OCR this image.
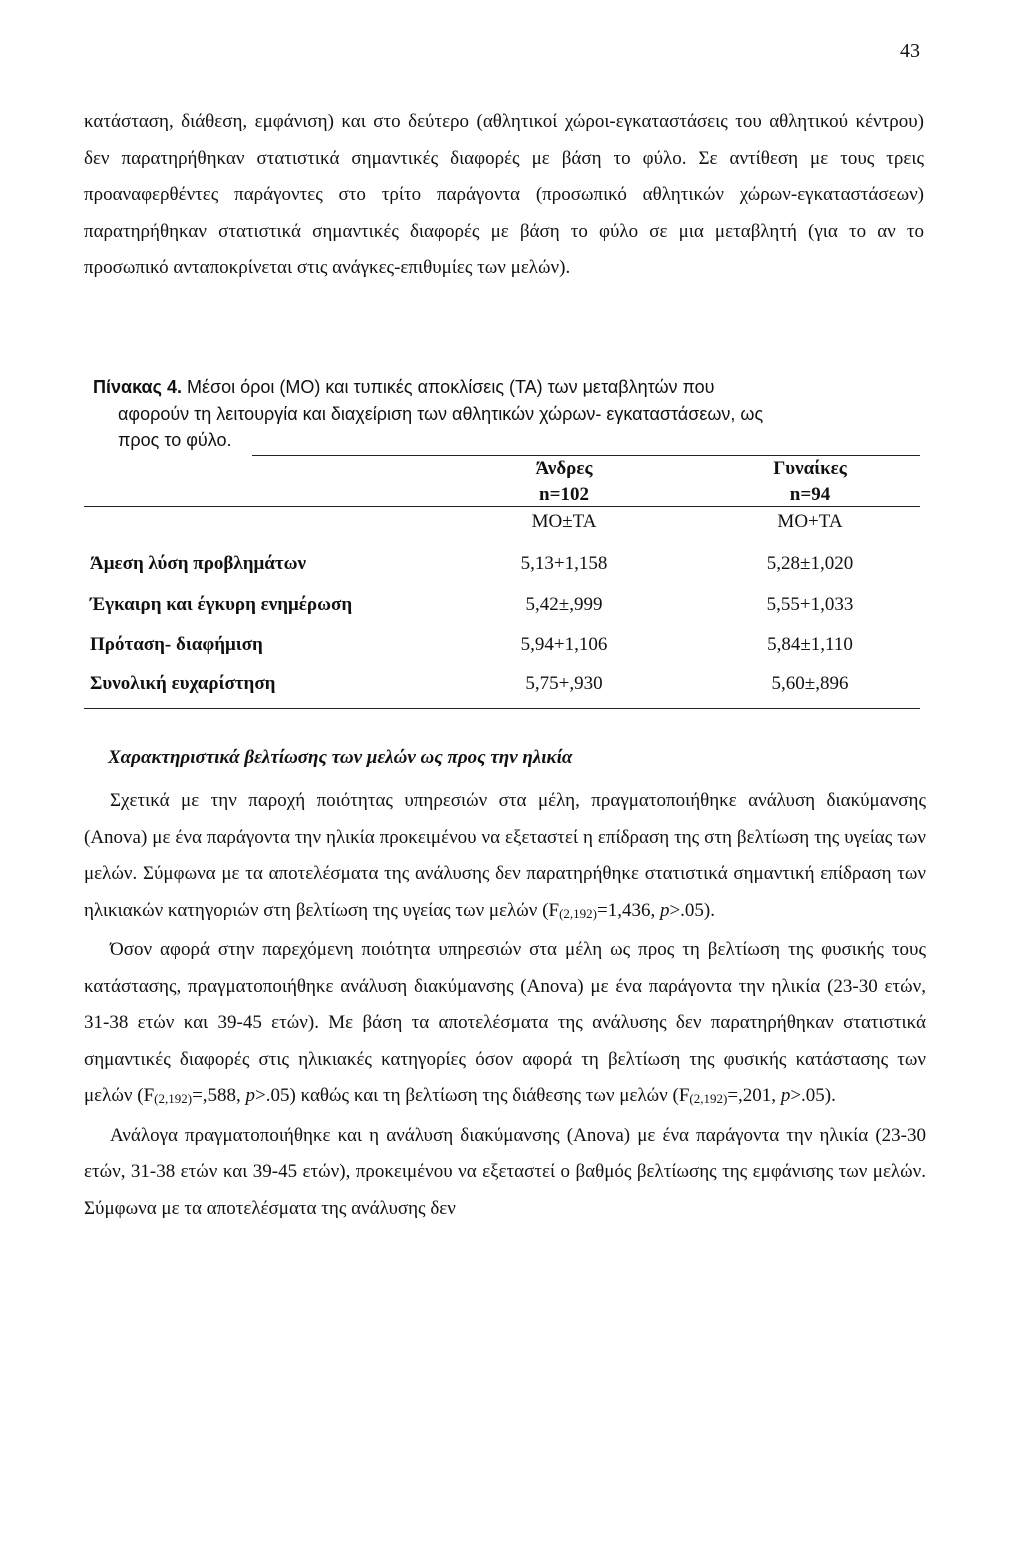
43

κατάσταση, διάθεση, εμφάνιση) και στο δεύτερο (αθλητικοί χώροι-εγκαταστάσεις του αθλητικού κέντρου) δεν παρατηρήθηκαν στατιστικά σημαντικές διαφορές με βάση το φύλο. Σε αντίθεση με τους τρεις προαναφερθέντες παράγοντες στο τρίτο παράγοντα (προσωπικό αθλητικών χώρων-εγκαταστάσεων) παρατηρήθηκαν στατιστικά σημαντικές διαφορές με βάση το φύλο σε μια μεταβλητή (για το αν το προσωπικό ανταποκρίνεται στις ανάγκες-επιθυμίες των μελών).

Πίνακας 4. Μέσοι όροι (ΜΟ) και τυπικές αποκλίσεις (ΤΑ) των μεταβλητών που
αφορούν τη λειτουργία και διαχείριση των αθλητικών χώρων- εγκαταστάσεων, ως
προς το φύλο.
Άνδρες	Γυναίκες
n=102	n=94
ΜΟ±ΤΑ	ΜΟ+ΤΑ
Άμεση λύση προβλημάτων	5,13+1,158	5,28±1,020
Έγκαιρη και έγκυρη ενημέρωση	5,42±,999	5,55+1,033
Πρόταση- διαφήμιση	5,94+1,106	5,84±1,110
Συνολική ευχαρίστηση	5,75+,930	5,60±,896
Χαρακτηριστικά βελτίωσης των μελών ως προς την ηλικία

Σχετικά με την παροχή ποιότητας υπηρεσιών στα μέλη, πραγματοποιήθηκε ανάλυση διακύμανσης (Anova) με ένα παράγοντα την ηλικία προκειμένου να εξεταστεί η επίδραση της στη βελτίωση της υγείας των μελών. Σύμφωνα με τα αποτελέσματα της ανάλυσης δεν παρατηρήθηκε στατιστικά σημαντική επίδραση των ηλικιακών κατηγοριών στη βελτίωση της υγείας των μελών ($F_{(2,192)}=1,436$, p>.05).

Όσον αφορά στην παρεχόμενη ποιότητα υπηρεσιών στα μέλη ως προς τη βελτίωση της φυσικής τους κατάστασης, πραγματοποιήθηκε ανάλυση διακύμανσης (Anova) με ένα παράγοντα την ηλικία (23-30 ετών, 31-38 ετών και 39-45 ετών). Με βάση τα αποτελέσματα της ανάλυσης δεν παρατηρήθηκαν στατιστικά σημαντικές διαφορές στις ηλικιακές κατηγορίες όσον αφορά τη βελτίωση της φυσικής κατάστασης των μελών ($F_{(2,192)}=,588$, p>.05) καθώς και τη βελτίωση της διάθεσης των μελών ($F_{(2,192)}=,201$, p>.05).

Ανάλογα πραγματοποιήθηκε και η ανάλυση διακύμανσης (Anova) με ένα παράγοντα την ηλικία (23-30 ετών, 31-38 ετών και 39-45 ετών), προκειμένου να εξεταστεί ο βαθμός βελτίωσης της εμφάνισης των μελών. Σύμφωνα με τα αποτελέσματα της ανάλυσης δεν
